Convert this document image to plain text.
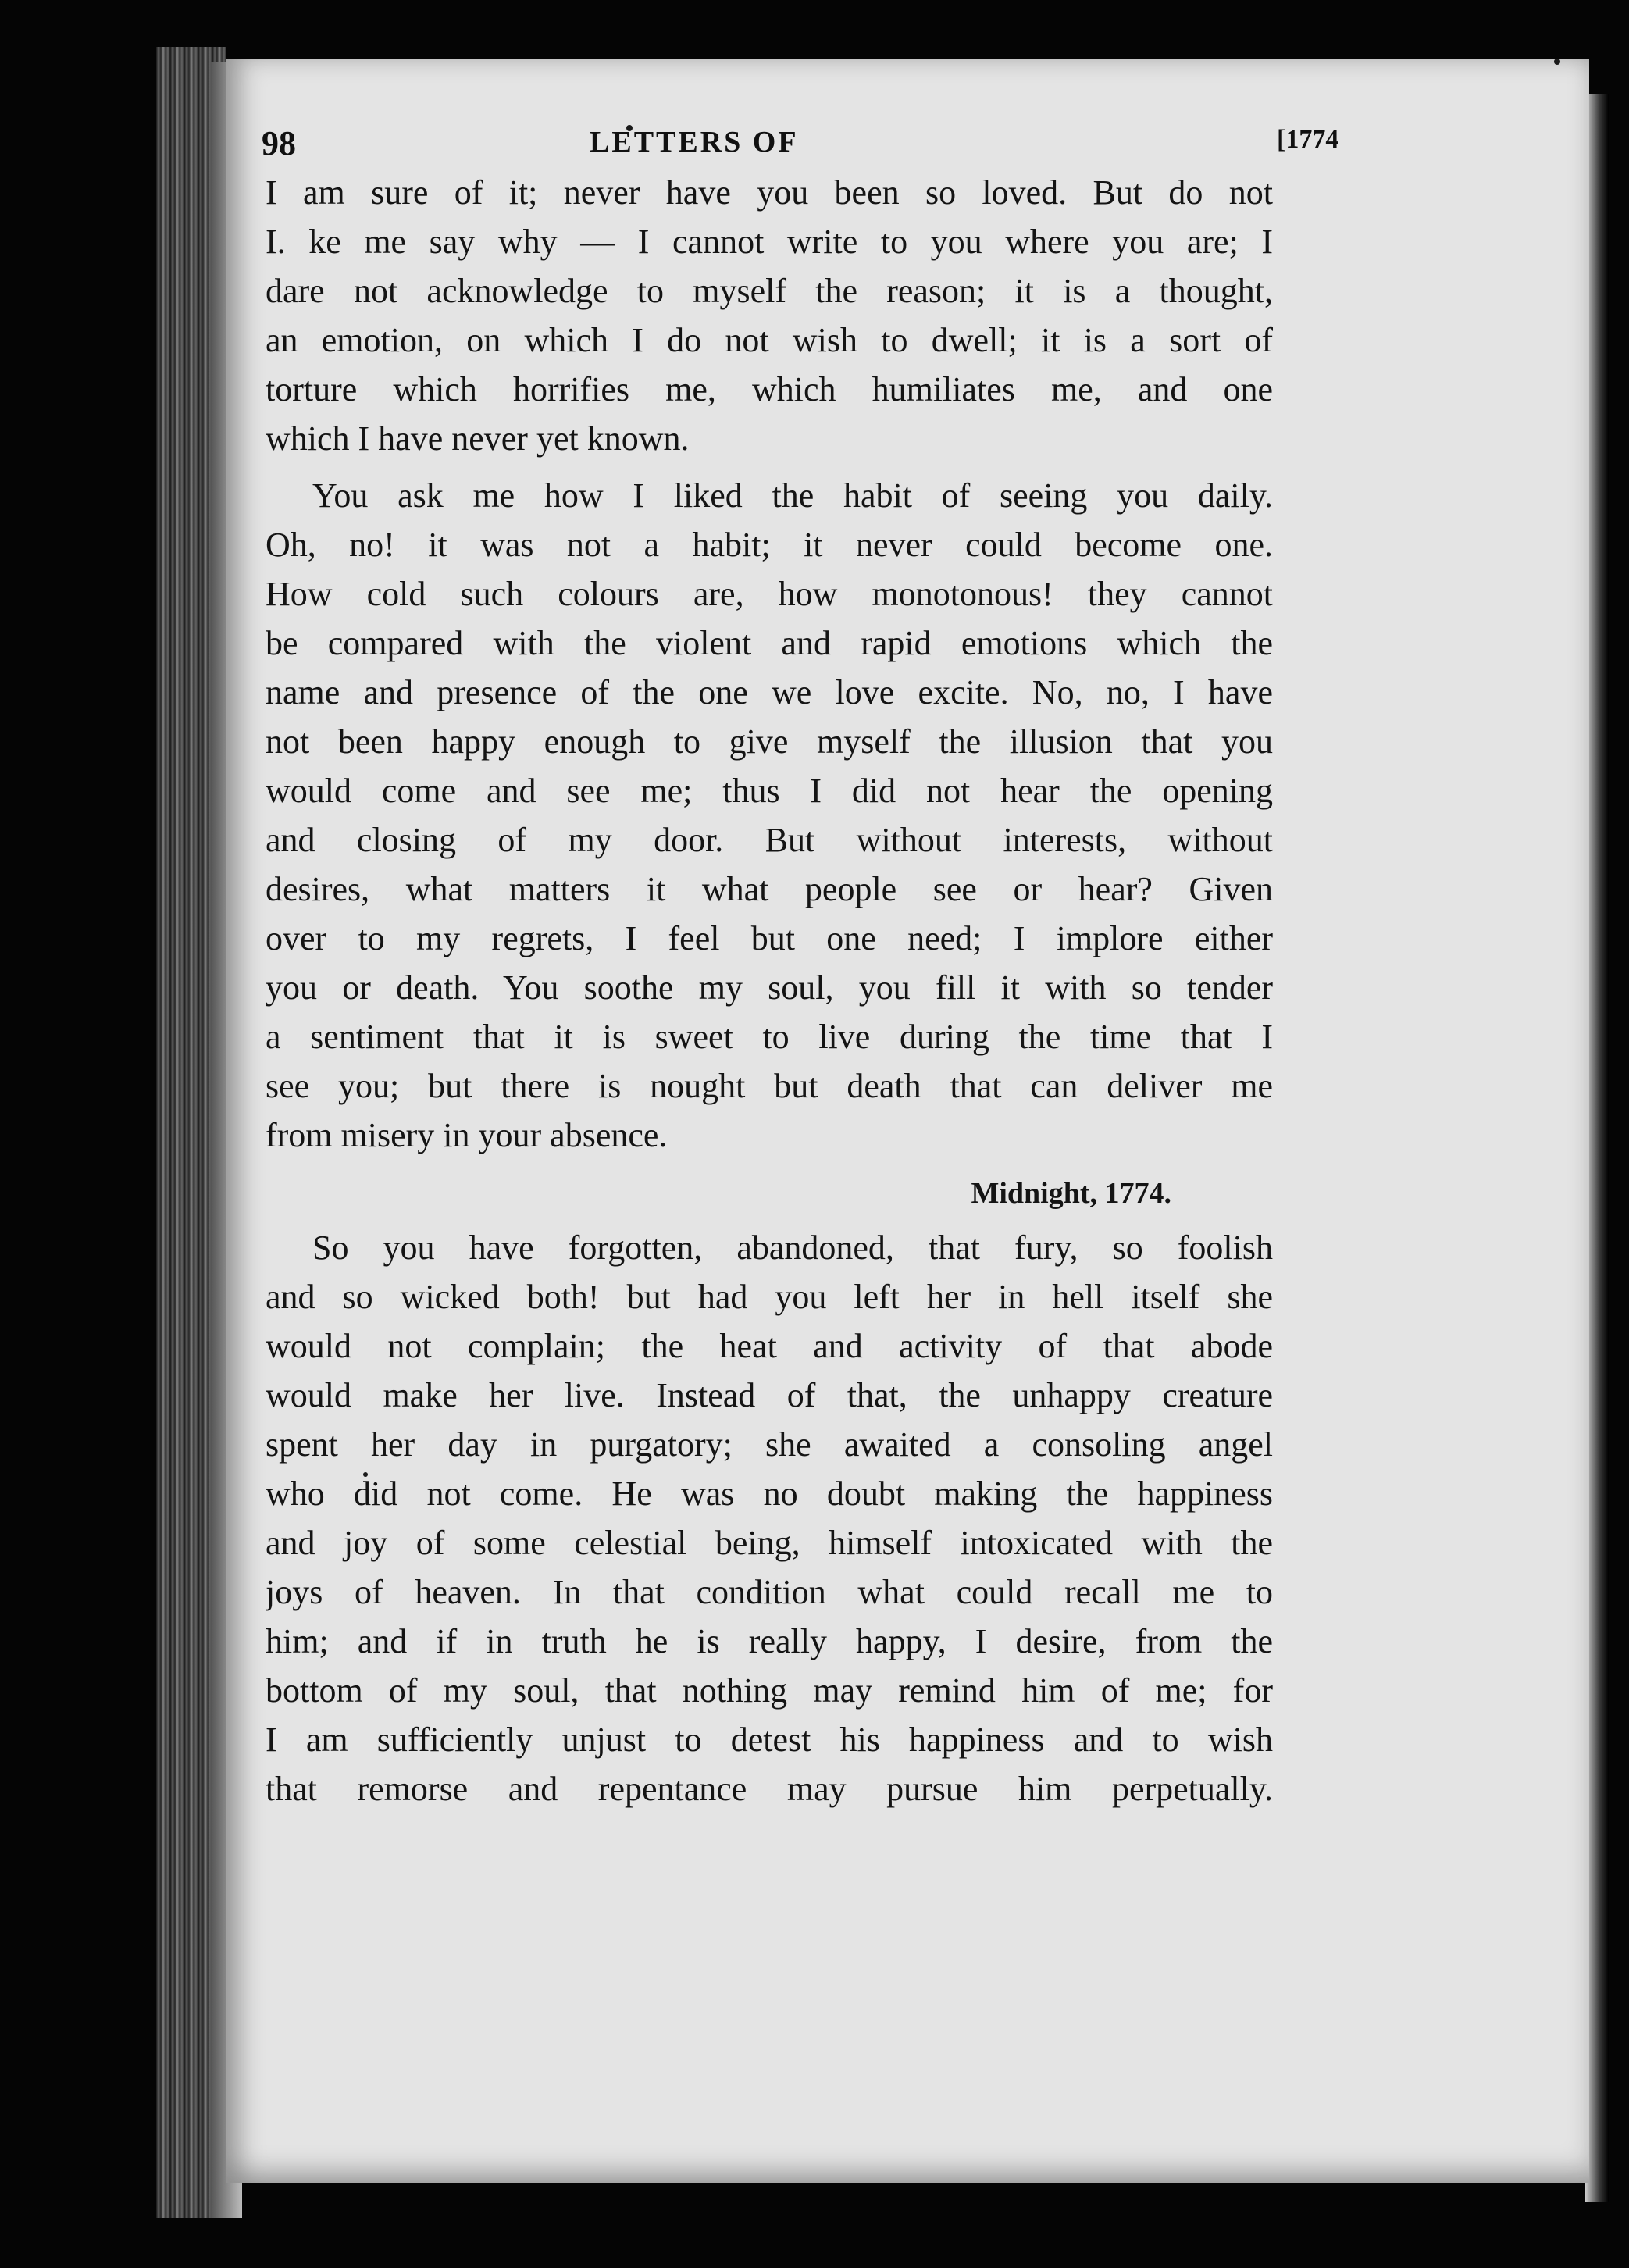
98	LETTERS OF	[1774
I am sure of it; never have you been so loved. But do not
I. ke me say why — I cannot write to you where you are; I
dare not acknowledge to myself the reason; it is a thought,
an emotion, on which I do not wish to dwell; it is a sort of
torture which horrifies me, which humiliates me, and one
which I have never yet known.
You ask me how I liked the habit of seeing you daily.
Oh, no! it was not a habit; it never could become one.
How cold such colours are, how monotonous! they cannot
be compared with the violent and rapid emotions which the
name and presence of the one we love excite. No, no, I have
not been happy enough to give myself the illusion that you
would come and see me; thus I did not hear the opening
and closing of my door. But without interests, without
desires, what matters it what people see or hear? Given
over to my regrets, I feel but one need; I implore either
you or death. You soothe my soul, you fill it with so tender
a sentiment that it is sweet to live during the time that I
see you; but there is nought but death that can deliver me
from misery in your absence.
Midnight, 1774.
So you have forgotten, abandoned, that fury, so foolish
and so wicked both! but had you left her in hell itself she
would not complain; the heat and activity of that abode
would make her live. Instead of that, the unhappy creature
spent her day in purgatory; she awaited a consoling angel
who did not come. He was no doubt making the happiness
and joy of some celestial being, himself intoxicated with the
joys of heaven. In that condition what could recall me to
him; and if in truth he is really happy, I desire, from the
bottom of my soul, that nothing may remind him of me; for
I am sufficiently unjust to detest his happiness and to wish
that remorse and repentance may pursue him perpetually.
